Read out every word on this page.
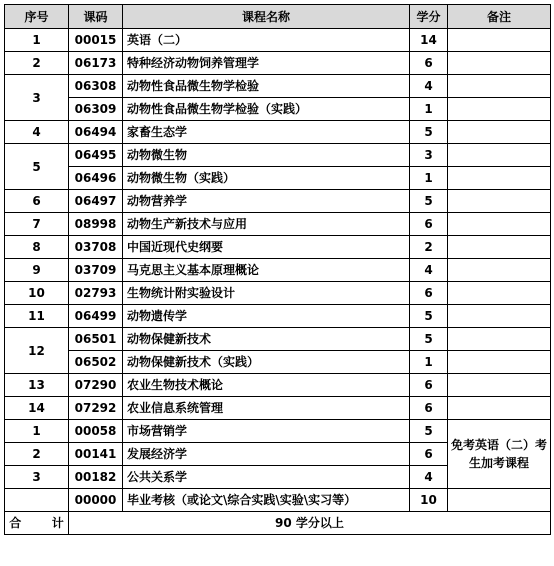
序号	课码	课程名称	学分	备注
1	00015	英语（二）	14	
2	06173	特种经济动物饲养管理学	6	
3	06308	动物性食品微生物学检验	4	
	06309	动物性食品微生物学检验（实践）	1	
4	06494	家畜生态学	5	
5	06495	动物微生物	3	
	06496	动物微生物（实践）	1	
6	06497	动物营养学	5	
7	08998	动物生产新技术与应用	6	
8	03708	中国近现代史纲要	2	
9	03709	马克思主义基本原理概论	4	
10	02793	生物统计附实验设计	6	
11	06499	动物遗传学	5	
12	06501	动物保健新技术	5	
	06502	动物保健新技术（实践）	1	
13	07290	农业生物技术概论	6	
14	07292	农业信息系统管理	6	
1	00058	市场营销学	5	免考英语（二）考生加考课程
2	00141	发展经济学	6	
3	00182	公共关系学	4	
	00000	毕业考核（或论文\综合实践\实验\实习等）	10	
合 计	90 学分以上			
